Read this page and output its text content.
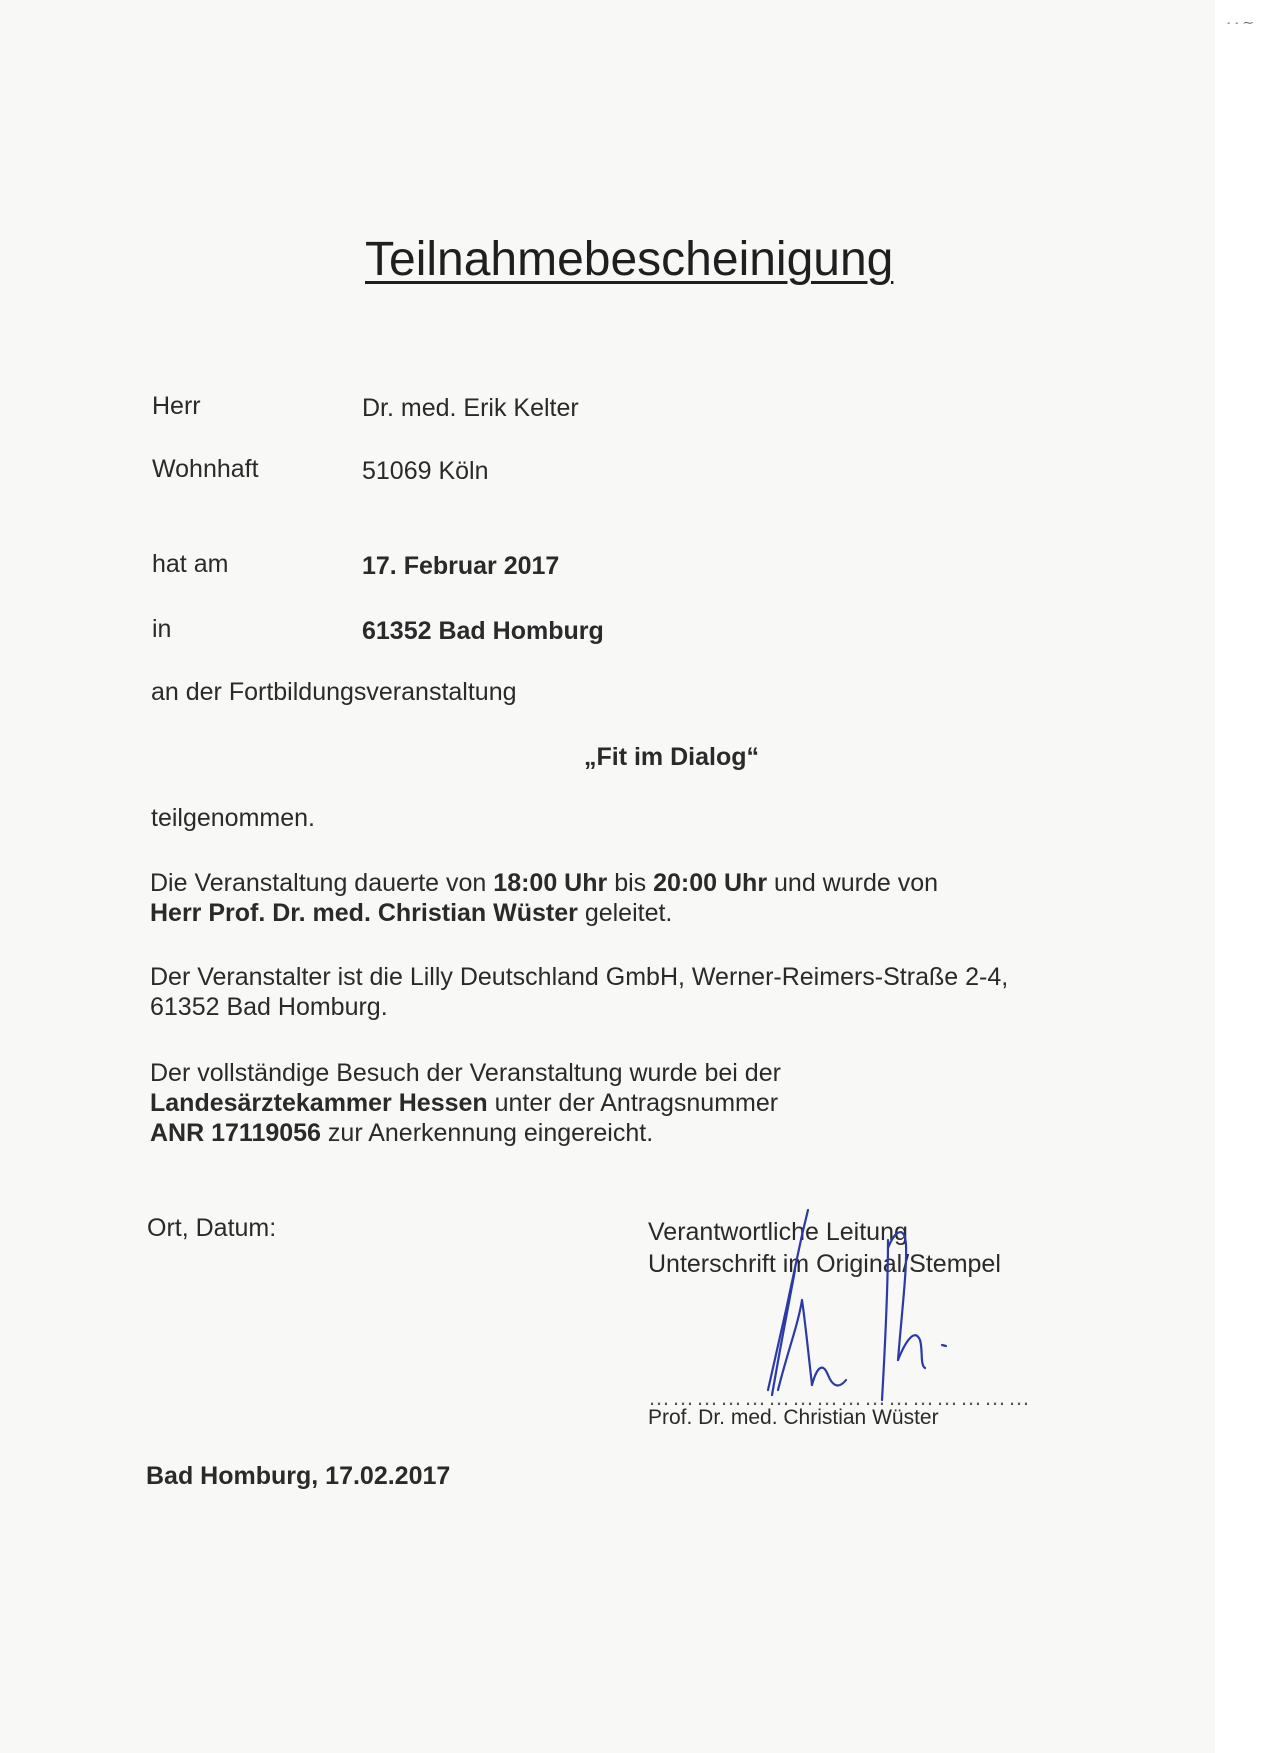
‐ ‐ ⁓
Teilnahmebescheinigung
Herr	Dr. med. Erik Kelter
Wohnhaft	51069 Köln
hat am	17. Februar 2017
in	61352 Bad Homburg
an der Fortbildungsveranstaltung
„Fit im Dialog“
teilgenommen.
Die Veranstaltung dauerte von 18:00 Uhr bis 20:00 Uhr und wurde von
Herr Prof. Dr. med. Christian Wüster geleitet.
Der Veranstalter ist die Lilly Deutschland GmbH, Werner-Reimers-Straße 2-4,
61352 Bad Homburg.
Der vollständige Besuch der Veranstaltung wurde bei der
Landesärztekammer Hessen unter der Antragsnummer
ANR 17119056 zur Anerkennung eingereicht.
Ort, Datum:	Verantwortliche Leitung
Unterschrift im Original/Stempel
…………………………………………
Prof. Dr. med. Christian Wüster
Bad Homburg, 17.02.2017
